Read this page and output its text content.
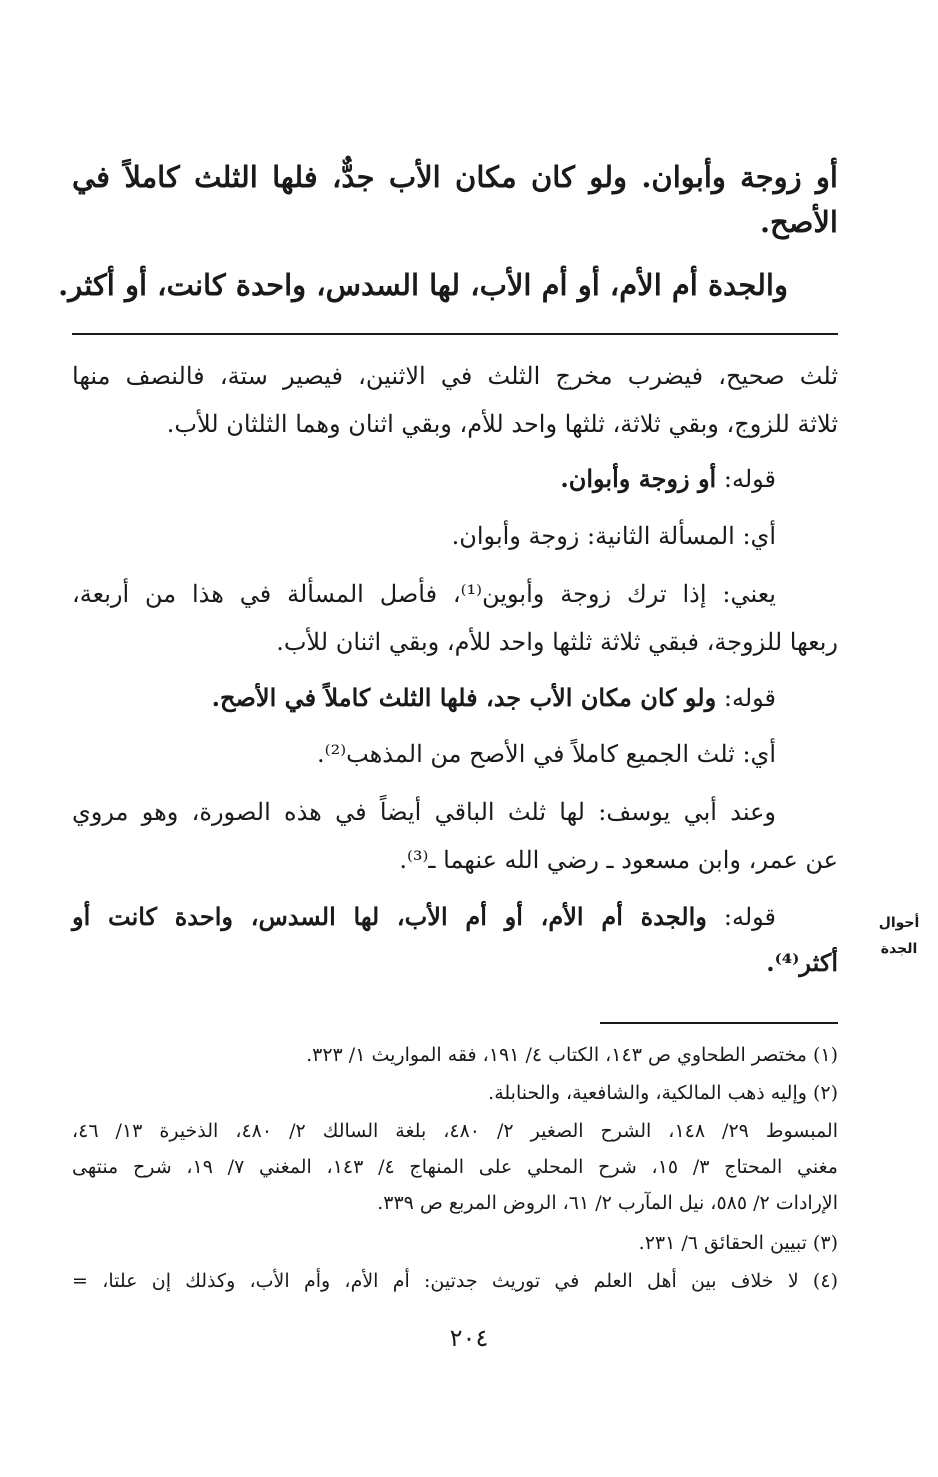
أو زوجة وأبوان. ولو كان مكان الأب جدٌّ، فلها الثلث كاملاً في
الأصح.
والجدة أم الأم، أو أم الأب، لها السدس، واحدة كانت، أو أكثر.
ثلث صحيح، فيضرب مخرج الثلث في الاثنين، فيصير ستة، فالنصف منها
ثلاثة للزوج، وبقي ثلاثة، ثلثها واحد للأم، وبقي اثنان وهما الثلثان للأب.
قوله: أو زوجة وأبوان.
أي: المسألة الثانية: زوجة وأبوان.
يعني: إذا ترك زوجة وأبوين⁽¹⁾، فأصل المسألة في هذا من أربعة،
ربعها للزوجة، فبقي ثلاثة ثلثها واحد للأم، وبقي اثنان للأب.
قوله: ولو كان مكان الأب جد، فلها الثلث كاملاً في الأصح.
أي: ثلث الجميع كاملاً في الأصح من المذهب⁽²⁾.
وعند أبي يوسف: لها ثلث الباقي أيضاً في هذه الصورة، وهو مروي
عن عمر، وابن مسعود ـ رضي الله عنهما ـ⁽³⁾.
قوله: والجدة أم الأم، أو أم الأب، لها السدس، واحدة كانت أو
أكثر⁽⁴⁾.
أحوال
الجدة
(١) مختصر الطحاوي ص ١٤٣، الكتاب ٤/ ١٩١، فقه المواريث ١/ ٣٢٣.
(٢) وإليه ذهب المالكية، والشافعية، والحنابلة.
المبسوط ٢٩/ ١٤٨، الشرح الصغير ٢/ ٤٨٠، بلغة السالك ٢/ ٤٨٠، الذخيرة ١٣/ ٤٦،
مغني المحتاج ٣/ ١٥، شرح المحلي على المنهاج ٤/ ١٤٣، المغني ٧/ ١٩، شرح منتهى
الإرادات ٢/ ٥٨٥، نيل المآرب ٢/ ٦١، الروض المربع ص ٣٣٩.
(٣) تبيين الحقائق ٦/ ٢٣١.
(٤) لا خلاف بين أهل العلم في توريث جدتين: أم الأم، وأم الأب، وكذلك إن علتا، =
٢٠٤
